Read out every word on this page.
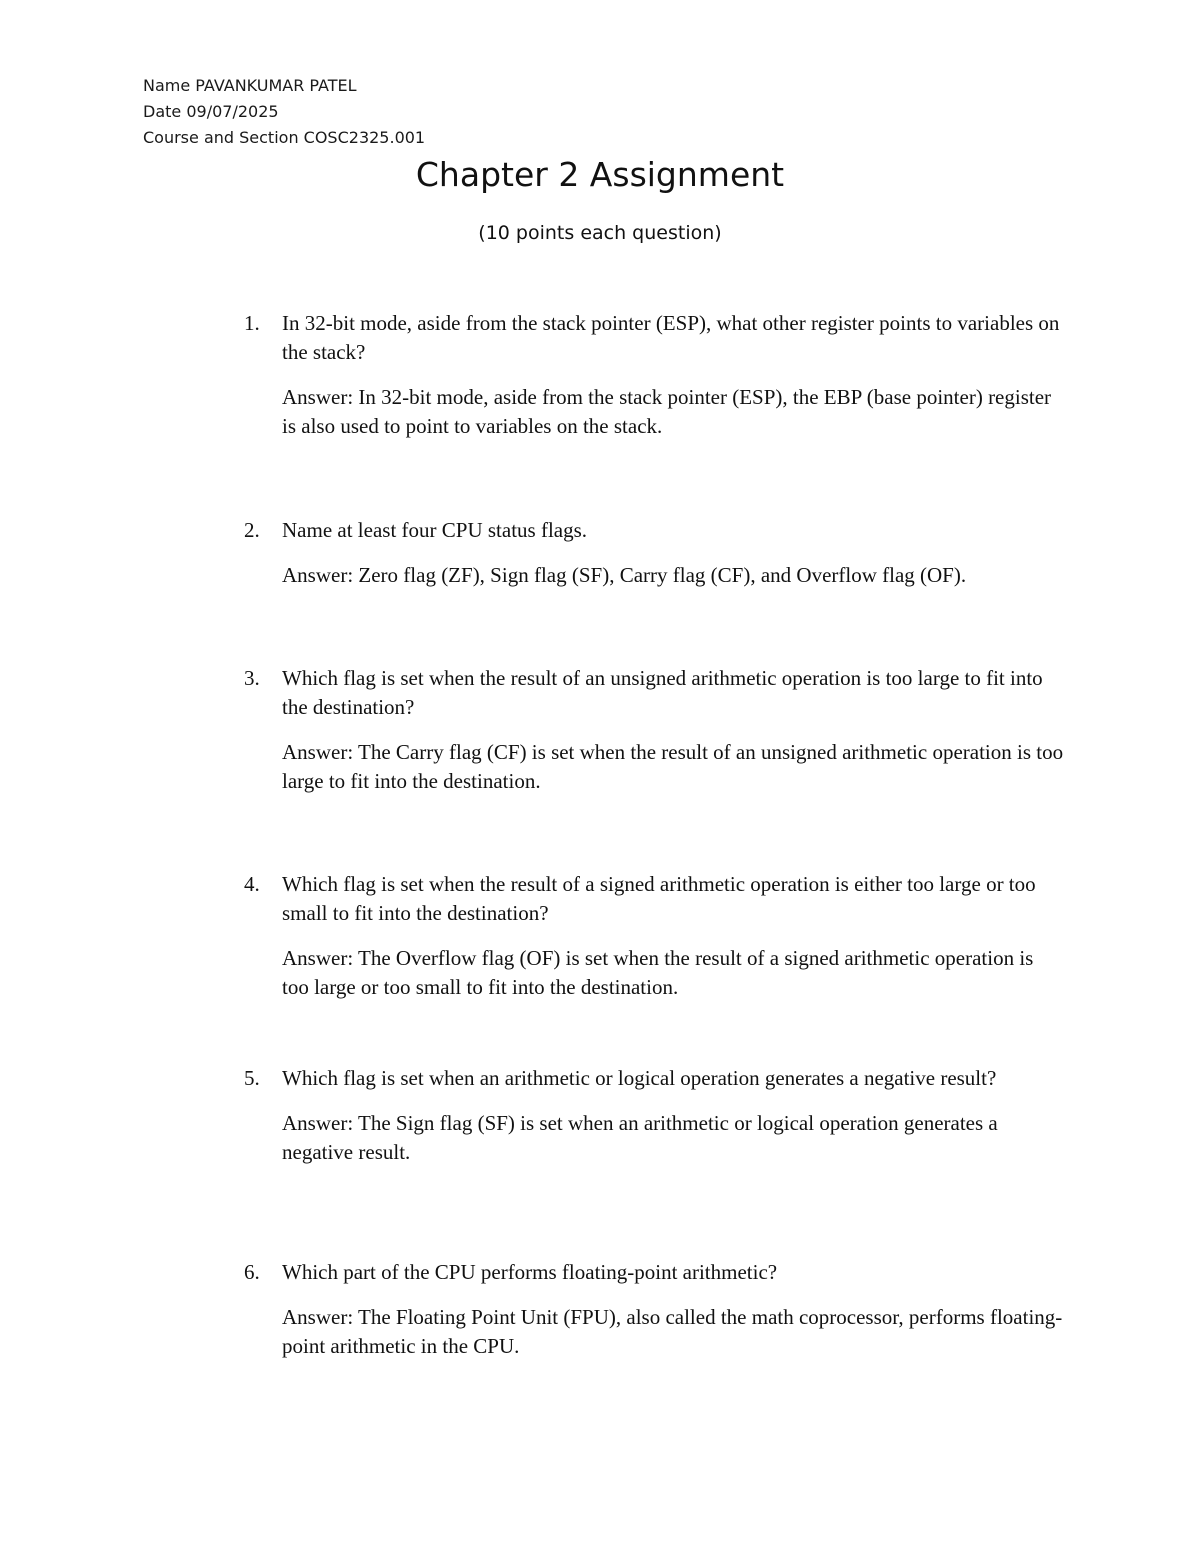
Name PAVANKUMAR PATEL
Date 09/07/2025
Course and Section COSC2325.001
Chapter 2 Assignment
(10 points each question)
1.	In 32-bit mode, aside from the stack pointer (ESP), what other register points to variables on the stack?
Answer: In 32-bit mode, aside from the stack pointer (ESP), the EBP (base pointer) register is also used to point to variables on the stack.
2.	Name at least four CPU status flags.
Answer: Zero flag (ZF), Sign flag (SF), Carry flag (CF), and Overflow flag (OF).
3.	Which flag is set when the result of an unsigned arithmetic operation is too large to fit into the destination?
Answer: The Carry flag (CF) is set when the result of an unsigned arithmetic operation is too large to fit into the destination.
4.	Which flag is set when the result of a signed arithmetic operation is either too large or too small to fit into the destination?
Answer: The Overflow flag (OF) is set when the result of a signed arithmetic operation is too large or too small to fit into the destination.
5.	Which flag is set when an arithmetic or logical operation generates a negative result?
Answer: The Sign flag (SF) is set when an arithmetic or logical operation generates a negative result.
6.	Which part of the CPU performs floating-point arithmetic?
Answer: The Floating Point Unit (FPU), also called the math coprocessor, performs floating-point arithmetic in the CPU.
